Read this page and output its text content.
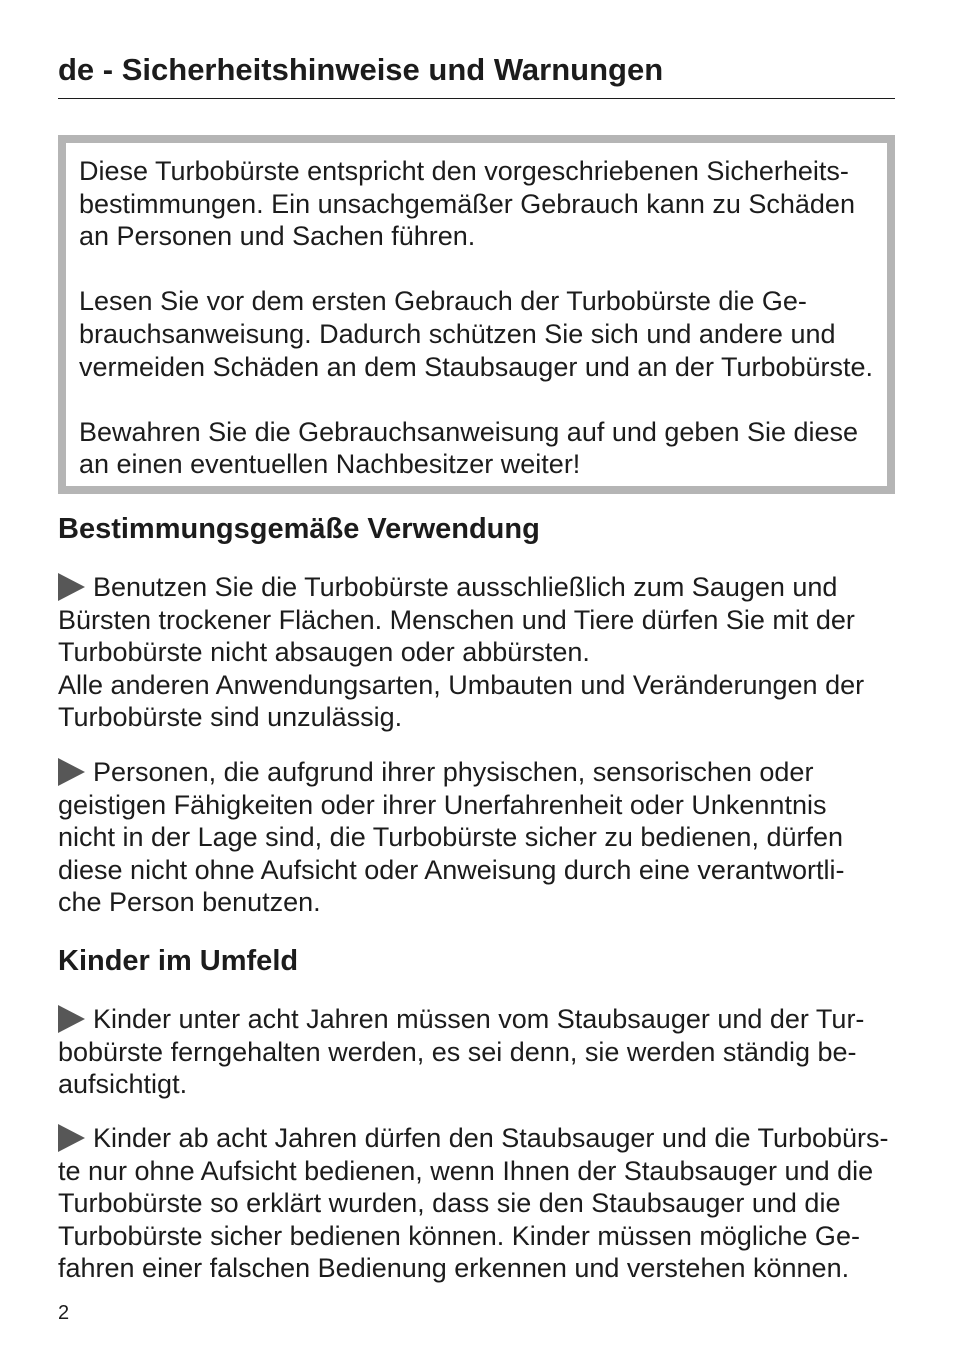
de - Sicherheitshinweise und Warnungen
Diese Turbobürste entspricht den vorgeschriebenen Sicherheits-
bestimmungen. Ein unsachgemäßer Gebrauch kann zu Schäden
an Personen und Sachen führen.
Lesen Sie vor dem ersten Gebrauch der Turbobürste die Ge-
brauchsanweisung. Dadurch schützen Sie sich und andere und
vermeiden Schäden an dem Staubsauger und an der Turbobürste.
Bewahren Sie die Gebrauchsanweisung auf und geben Sie diese
an einen eventuellen Nachbesitzer weiter!
Bestimmungsgemäße Verwendung
Benutzen Sie die Turbobürste ausschließlich zum Saugen und
Bürsten trockener Flächen. Menschen und Tiere dürfen Sie mit der
Turbobürste nicht absaugen oder abbürsten.
Alle anderen Anwendungsarten, Umbauten und Veränderungen der
Turbobürste sind unzulässig.
Personen, die aufgrund ihrer physischen, sensorischen oder
geistigen Fähigkeiten oder ihrer Unerfahrenheit oder Unkenntnis
nicht in der Lage sind, die Turbobürste sicher zu bedienen, dürfen
diese nicht ohne Aufsicht oder Anweisung durch eine verantwortli-
che Person benutzen.
Kinder im Umfeld
Kinder unter acht Jahren müssen vom Staubsauger und der Tur-
bobürste ferngehalten werden, es sei denn, sie werden ständig be-
aufsichtigt.
Kinder ab acht Jahren dürfen den Staubsauger und die Turbobürs-
te nur ohne Aufsicht bedienen, wenn Ihnen der Staubsauger und die
Turbobürste so erklärt wurden, dass sie den Staubsauger und die
Turbobürste sicher bedienen können. Kinder müssen mögliche Ge-
fahren einer falschen Bedienung erkennen und verstehen können.
2
